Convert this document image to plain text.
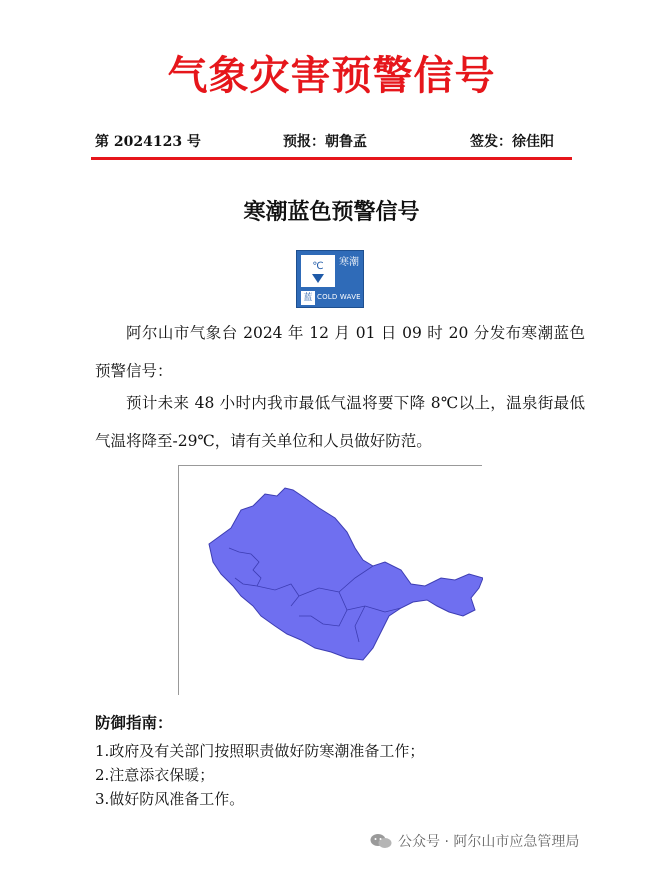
气象灾害预警信号
第 2024123 号	预报：朝鲁孟	签发：徐佳阳
寒潮蓝色预警信号
℃	寒潮
蓝 COLD WAVE
阿尔山市气象台 2024 年 12 月 01 日 09 时 20 分发布寒潮蓝色预警信号：
预计未来 48 小时内我市最低气温将要下降 8℃以上，温泉街最低气温将降至-29℃，请有关单位和人员做好防范。
防御指南：
1.政府及有关部门按照职责做好防寒潮准备工作；
2.注意添衣保暖；
3.做好防风准备工作。
公众号 · 阿尔山市应急管理局
